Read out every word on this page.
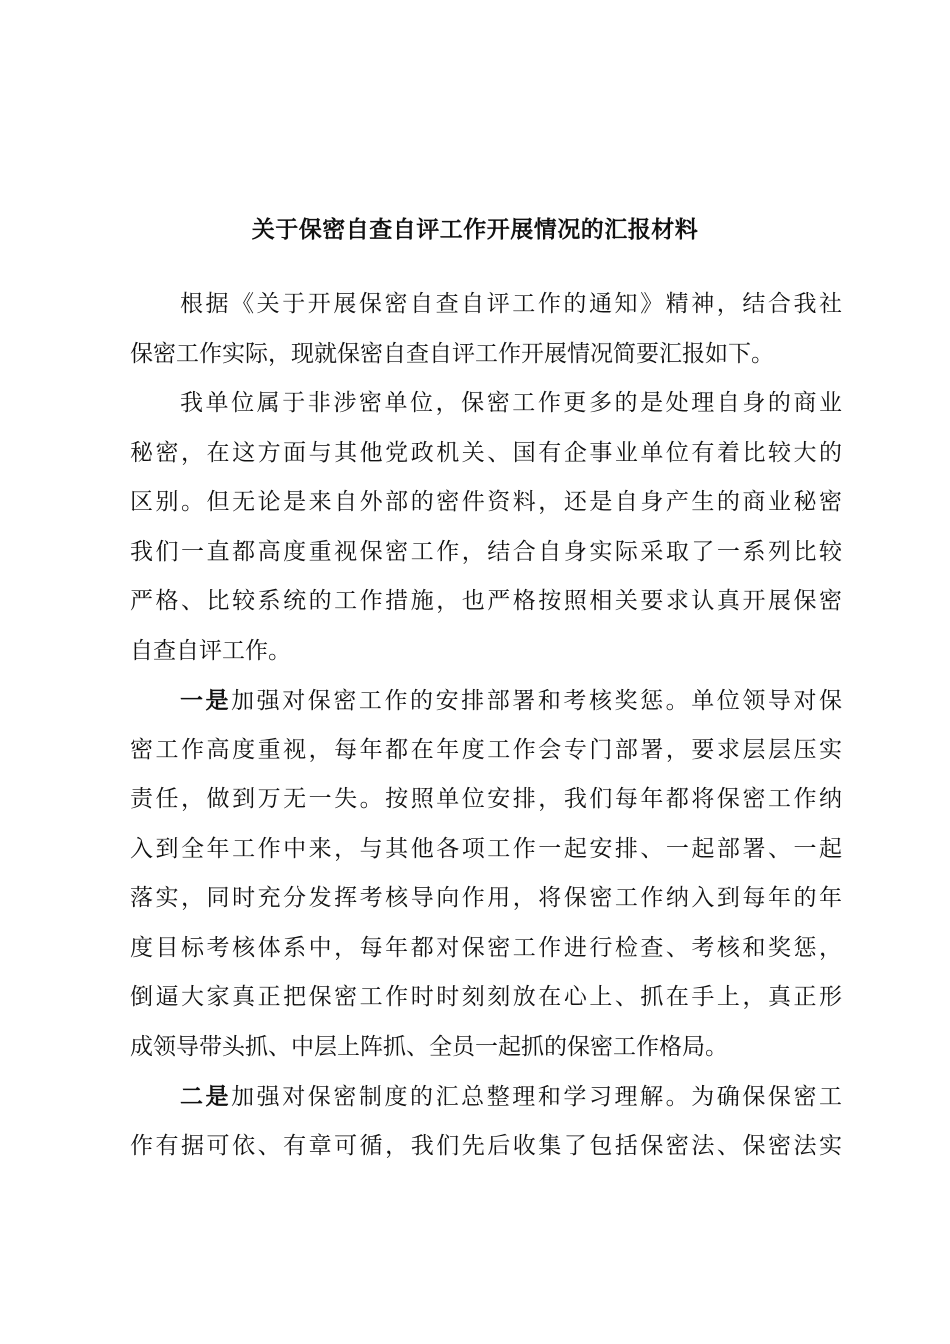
关于保密自查自评工作开展情况的汇报材料
根据《关于开展保密自查自评工作的通知》精神，结合我社
保密工作实际，现就保密自查自评工作开展情况简要汇报如下。
我单位属于非涉密单位，保密工作更多的是处理自身的商业
秘密，在这方面与其他党政机关、国有企事业单位有着比较大的
区别。但无论是来自外部的密件资料，还是自身产生的商业秘密
我们一直都高度重视保密工作，结合自身实际采取了一系列比较
严格、比较系统的工作措施，也严格按照相关要求认真开展保密
自查自评工作。
一是加强对保密工作的安排部署和考核奖惩。单位领导对保
密工作高度重视，每年都在年度工作会专门部署，要求层层压实
责任，做到万无一失。按照单位安排，我们每年都将保密工作纳
入到全年工作中来，与其他各项工作一起安排、一起部署、一起
落实，同时充分发挥考核导向作用，将保密工作纳入到每年的年
度目标考核体系中，每年都对保密工作进行检查、考核和奖惩，
倒逼大家真正把保密工作时时刻刻放在心上、抓在手上，真正形
成领导带头抓、中层上阵抓、全员一起抓的保密工作格局。
二是加强对保密制度的汇总整理和学习理解。为确保保密工
作有据可依、有章可循，我们先后收集了包括保密法、保密法实
